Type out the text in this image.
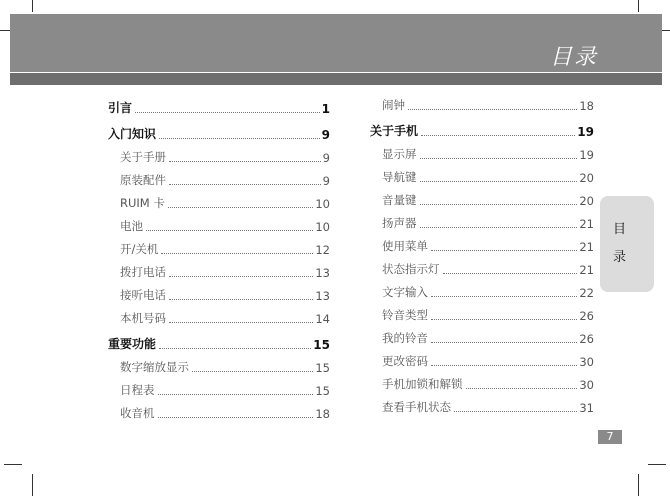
目录
引言	1
入门知识	9
关于手册	9
原装配件	9
RUIM 卡	10
电池	10
开/关机	12
拨打电话	13
接听电话	13
本机号码	14
重要功能	15
数字缩放显示	15
日程表	15
收音机	18
闹钟	18
关于手机	19
显示屏	19
导航键	20
音量键	20
扬声器	21
使用菜单	21
状态指示灯	21
文字输入	22
铃音类型	26
我的铃音	26
更改密码	30
手机加锁和解锁	30
查看手机状态	31
目
录
7
